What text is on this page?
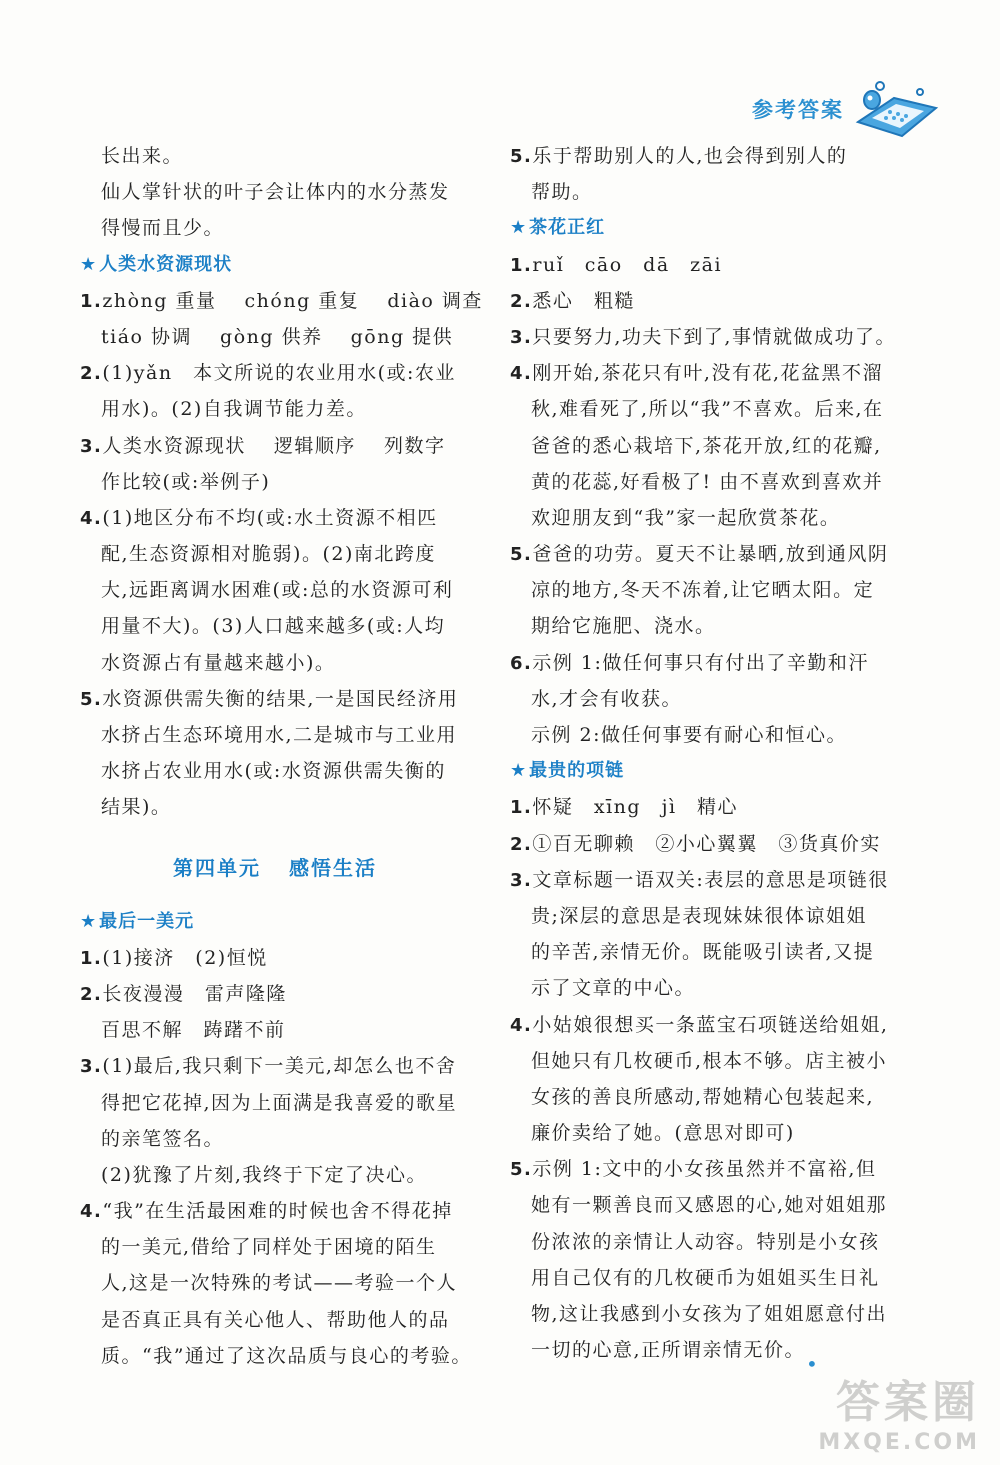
参考答案
长出来。
仙人掌针状的叶子会让体内的水分蒸发
得慢而且少。
★ 人类水资源现状
1.zhòng 重量　 chóng 重复　 diào 调查
tiáo 协调　 gòng 供养　 gōng 提供
2.(1)yǎn　本文所说的农业用水(或:农业
用水)。(2)自我调节能力差。
3.人类水资源现状　 逻辑顺序　 列数字
作比较(或:举例子)
4.(1)地区分布不均(或:水土资源不相匹
配,生态资源相对脆弱)。(2)南北跨度
大,远距离调水困难(或:总的水资源可利
用量不大)。(3)人口越来越多(或:人均
水资源占有量越来越小)。
5.水资源供需失衡的结果,一是国民经济用
水挤占生态环境用水,二是城市与工业用
水挤占农业用水(或:水资源供需失衡的
结果)。
第四单元 感悟生活
★ 最后一美元
1.(1)接济　(2)恒悦
2.长夜漫漫　雷声隆隆
百思不解　踌躇不前
3.(1)最后,我只剩下一美元,却怎么也不舍
得把它花掉,因为上面满是我喜爱的歌星
的亲笔签名。
(2)犹豫了片刻,我终于下定了决心。
4.“我”在生活最困难的时候也舍不得花掉
的一美元,借给了同样处于困境的陌生
人,这是一次特殊的考试——考验一个人
是否真正具有关心他人、帮助他人的品
质。“我”通过了这次品质与良心的考验。
5.乐于帮助别人的人,也会得到别人的
帮助。
★ 茶花正红
1.ruǐ　cāo　dā　zāi
2.悉心　粗糙
3.只要努力,功夫下到了,事情就做成功了。
4.刚开始,茶花只有叶,没有花,花盆黑不溜
秋,难看死了,所以“我”不喜欢。后来,在
爸爸的悉心栽培下,茶花开放,红的花瓣,
黄的花蕊,好看极了! 由不喜欢到喜欢并
欢迎朋友到“我”家一起欣赏茶花。
5.爸爸的功劳。夏天不让暴晒,放到通风阴
凉的地方,冬天不冻着,让它晒太阳。定
期给它施肥、浇水。
6.示例 1:做任何事只有付出了辛勤和汗
水,才会有收获。
示例 2:做任何事要有耐心和恒心。
★ 最贵的项链
1.怀疑　xīng　jì　精心
2.①百无聊赖　②小心翼翼　③货真价实
3.文章标题一语双关:表层的意思是项链很
贵;深层的意思是表现妹妹很体谅姐姐
的辛苦,亲情无价。既能吸引读者,又提
示了文章的中心。
4.小姑娘很想买一条蓝宝石项链送给姐姐,
但她只有几枚硬币,根本不够。店主被小
女孩的善良所感动,帮她精心包装起来,
廉价卖给了她。(意思对即可)
5.示例 1:文中的小女孩虽然并不富裕,但
她有一颗善良而又感恩的心,她对姐姐那
份浓浓的亲情让人动容。特别是小女孩
用自己仅有的几枚硬币为姐姐买生日礼
物,这让我感到小女孩为了姐姐愿意付出
一切的心意,正所谓亲情无价。
•
答案圈
MXQE.COM
